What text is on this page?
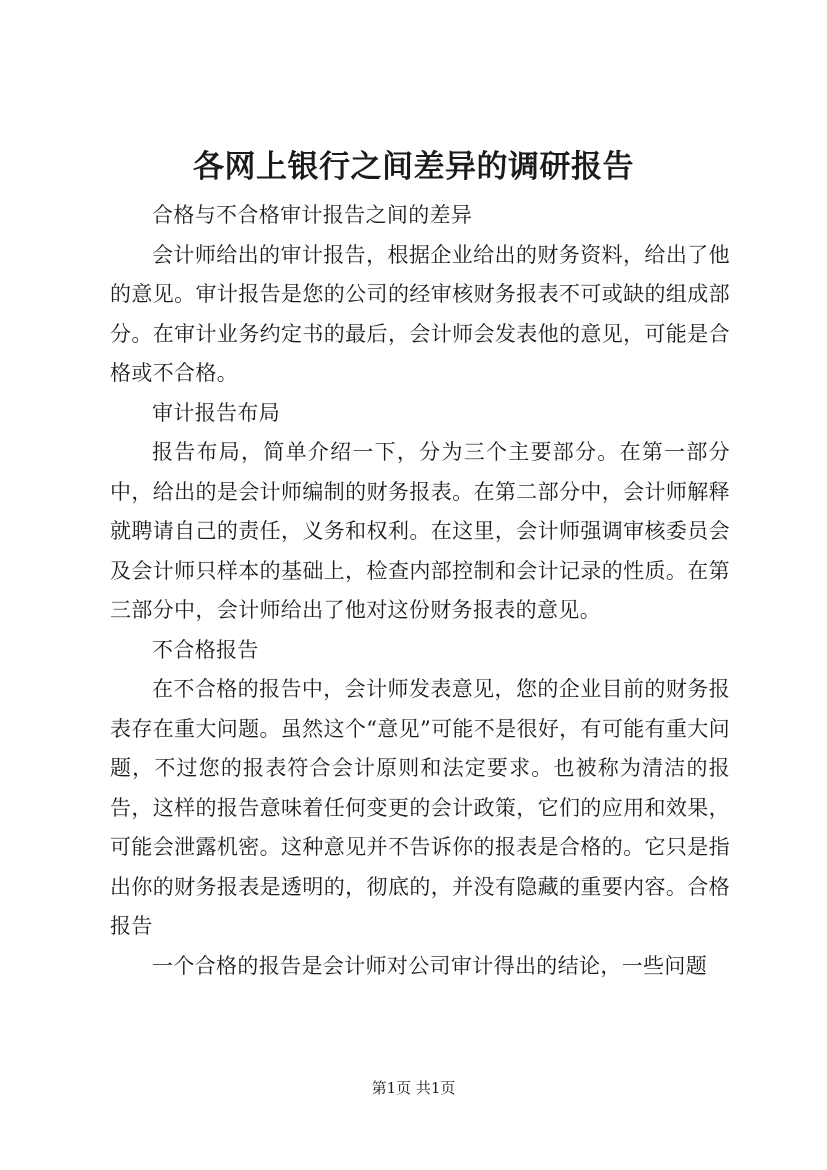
各网上银行之间差异的调研报告

合格与不合格审计报告之间的差异

会计师给出的审计报告，根据企业给出的财务资料，给出了他的意见。审计报告是您的公司的经审核财务报表不可或缺的组成部分。在审计业务约定书的最后，会计师会发表他的意见，可能是合格或不合格。

审计报告布局

报告布局，简单介绍一下，分为三个主要部分。在第一部分中，给出的是会计师编制的财务报表。在第二部分中，会计师解释就聘请自己的责任，义务和权利。在这里，会计师强调审核委员会及会计师只样本的基础上，检查内部控制和会计记录的性质。在第三部分中，会计师给出了他对这份财务报表的意见。

不合格报告

在不合格的报告中，会计师发表意见，您的企业目前的财务报表存在重大问题。虽然这个“意见”可能不是很好，有可能有重大问题，不过您的报表符合会计原则和法定要求。也被称为清洁的报告，这样的报告意味着任何变更的会计政策，它们的应用和效果，可能会泄露机密。这种意见并不告诉你的报表是合格的。它只是指出你的财务报表是透明的，彻底的，并没有隐藏的重要内容。合格报告

一个合格的报告是会计师对公司审计得出的结论，一些问题

第1页 共1页
